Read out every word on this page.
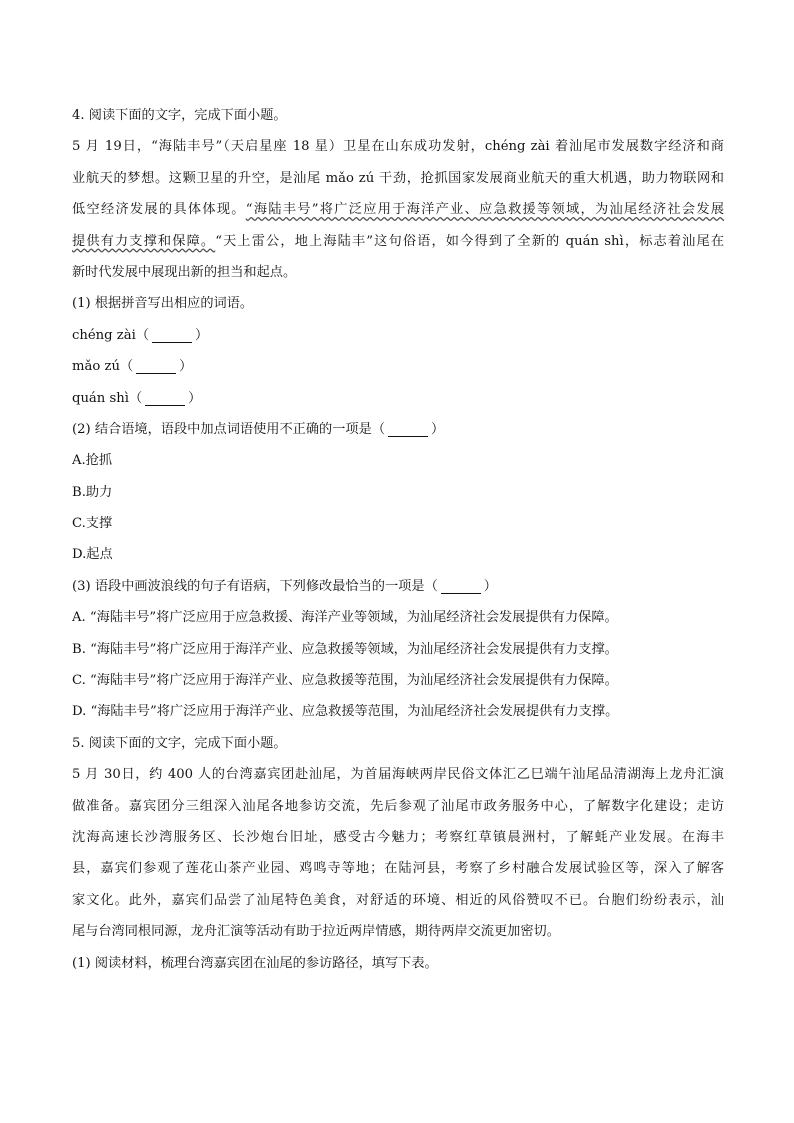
4. 阅读下面的文字，完成下面小题。
5 月 19日，“海陆丰号”（天启星座 18 星）卫星在山东成功发射，chéng zài 着汕尾市发展数字经济和商
业航天的梦想。这颗卫星的升空，是汕尾 mǎo zú 干劲，抢抓国家发展商业航天的重大机遇，助力物联网和
低空经济发展的具体体现。“海陆丰号”将广泛应用于海洋产业、应急救援等领域，为汕尾经济社会发展
提供有力支撑和保障。“天上雷公，地上海陆丰”这句俗语，如今得到了全新的 quán shì，标志着汕尾在
新时代发展中展现出新的担当和起点。
(1) 根据拼音写出相应的词语。
chéng zài（	）
mǎo zú（	）
quán shì（	）
(2) 结合语境，语段中加点词语使用不正确的一项是（	）
A.抢抓
B.助力
C.支撑
D.起点
(3) 语段中画波浪线的句子有语病，下列修改最恰当的一项是（	）
A. “海陆丰号”将广泛应用于应急救援、海洋产业等领域，为汕尾经济社会发展提供有力保障。
B. “海陆丰号”将广泛应用于海洋产业、应急救援等领域，为汕尾经济社会发展提供有力支撑。
C. “海陆丰号”将广泛应用于海洋产业、应急救援等范围，为汕尾经济社会发展提供有力保障。
D. “海陆丰号”将广泛应用于海洋产业、应急救援等范围，为汕尾经济社会发展提供有力支撑。
5. 阅读下面的文字，完成下面小题。
5 月 30日，约 400 人的台湾嘉宾团赴汕尾，为首届海峡两岸民俗文体汇乙巳端午汕尾品清湖海上龙舟汇演
做准备。嘉宾团分三组深入汕尾各地参访交流，先后参观了汕尾市政务服务中心，了解数字化建设；走访
沈海高速长沙湾服务区、长沙炮台旧址，感受古今魅力；考察红草镇晨洲村，了解蚝产业发展。在海丰
县，嘉宾们参观了莲花山茶产业园、鸡鸣寺等地；在陆河县，考察了乡村融合发展试验区等，深入了解客
家文化。此外，嘉宾们品尝了汕尾特色美食，对舒适的环境、相近的风俗赞叹不已。台胞们纷纷表示，汕
尾与台湾同根同源，龙舟汇演等活动有助于拉近两岸情感，期待两岸交流更加密切。
(1) 阅读材料，梳理台湾嘉宾团在汕尾的参访路径，填写下表。
